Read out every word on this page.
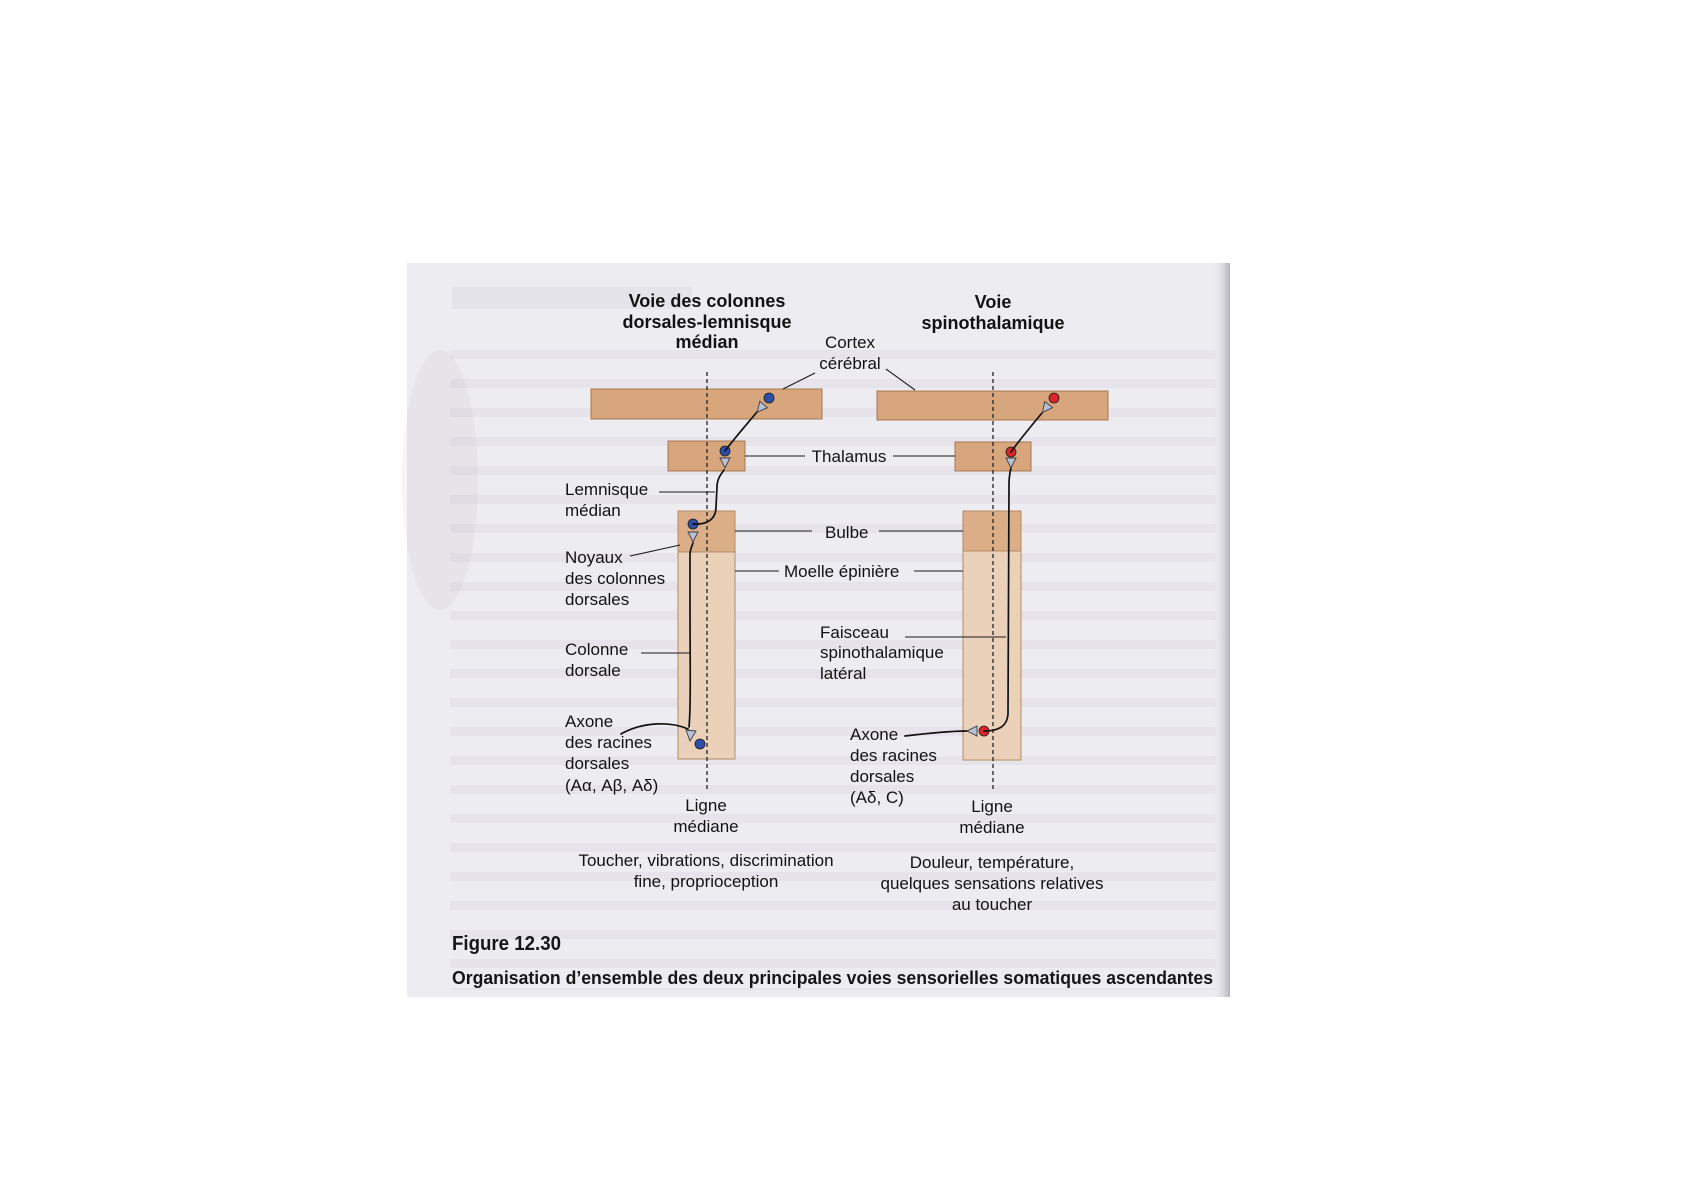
Voie des colonnes
dorsales-lemnisque
médian
Voie
spinothalamique
Cortex
cérébral
Thalamus
Lemnisque
médian
Bulbe
Noyaux
des colonnes
dorsales
Moelle épinière
Faisceau
spinothalamique
latéral
Colonne
dorsale
Axone
des racines
dorsales
(Aα, Aβ, Aδ)
Axone
des racines
dorsales
(Aδ, C)
Ligne
médiane
Ligne
médiane
Toucher, vibrations, discrimination
fine, proprioception
Douleur, température,
quelques sensations relatives
au toucher
Figure 12.30
Organisation d’ensemble des deux principales voies sensorielles somatiques ascendantes
